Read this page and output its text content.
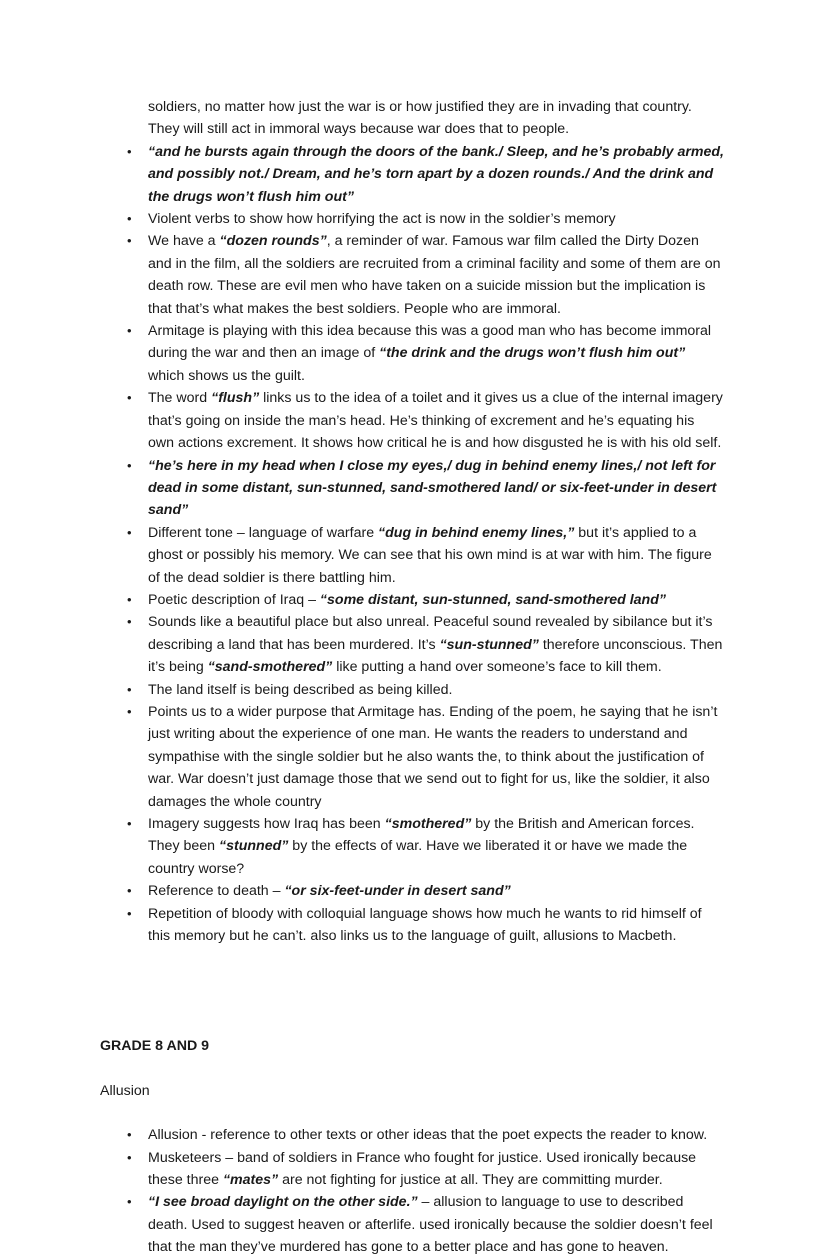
soldiers, no matter how just the war is or how justified they are in invading that country. They will still act in immoral ways because war does that to people.

• “and he bursts again through the doors of the bank./ Sleep, and he’s probably armed, and possibly not./ Dream, and he’s torn apart by a dozen rounds./ And the drink and the drugs won’t flush him out”
• Violent verbs to show how horrifying the act is now in the soldier’s memory
• We have a “dozen rounds”, a reminder of war. Famous war film called the Dirty Dozen and in the film, all the soldiers are recruited from a criminal facility and some of them are on death row. These are evil men who have taken on a suicide mission but the implication is that that’s what makes the best soldiers. People who are immoral.
• Armitage is playing with this idea because this was a good man who has become immoral during the war and then an image of “the drink and the drugs won’t flush him out” which shows us the guilt.
• The word “flush” links us to the idea of a toilet and it gives us a clue of the internal imagery that’s going on inside the man’s head. He’s thinking of excrement and he’s equating his own actions excrement. It shows how critical he is and how disgusted he is with his old self.
• “he’s here in my head when I close my eyes,/ dug in behind enemy lines,/ not left for dead in some distant, sun-stunned, sand-smothered land/ or six-feet-under in desert sand”
• Different tone – language of warfare “dug in behind enemy lines,” but it’s applied to a ghost or possibly his memory. We can see that his own mind is at war with him. The figure of the dead soldier is there battling him.
• Poetic description of Iraq – “some distant, sun-stunned, sand-smothered land”
• Sounds like a beautiful place but also unreal. Peaceful sound revealed by sibilance but it’s describing a land that has been murdered. It’s “sun-stunned” therefore unconscious. Then it’s being “sand-smothered” like putting a hand over someone’s face to kill them.
• The land itself is being described as being killed.
• Points us to a wider purpose that Armitage has. Ending of the poem, he saying that he isn’t just writing about the experience of one man. He wants the readers to understand and sympathise with the single soldier but he also wants the, to think about the justification of war. War doesn’t just damage those that we send out to fight for us, like the soldier, it also damages the whole country
• Imagery suggests how Iraq has been “smothered” by the British and American forces. They been “stunned” by the effects of war. Have we liberated it or have we made the country worse?
• Reference to death – “or six-feet-under in desert sand”
• Repetition of bloody with colloquial language shows how much he wants to rid himself of this memory but he can’t. also links us to the language of guilt, allusions to Macbeth.

GRADE 8 AND 9

Allusion

• Allusion - reference to other texts or other ideas that the poet expects the reader to know.
• Musketeers – band of soldiers in France who fought for justice. Used ironically because these three “mates” are not fighting for justice at all. They are committing murder.
• “I see broad daylight on the other side.” – allusion to language to use to described death. Used to suggest heaven or afterlife. used ironically because the soldier doesn’t feel that the man they’ve murdered has gone to a better place and has gone to heaven.
